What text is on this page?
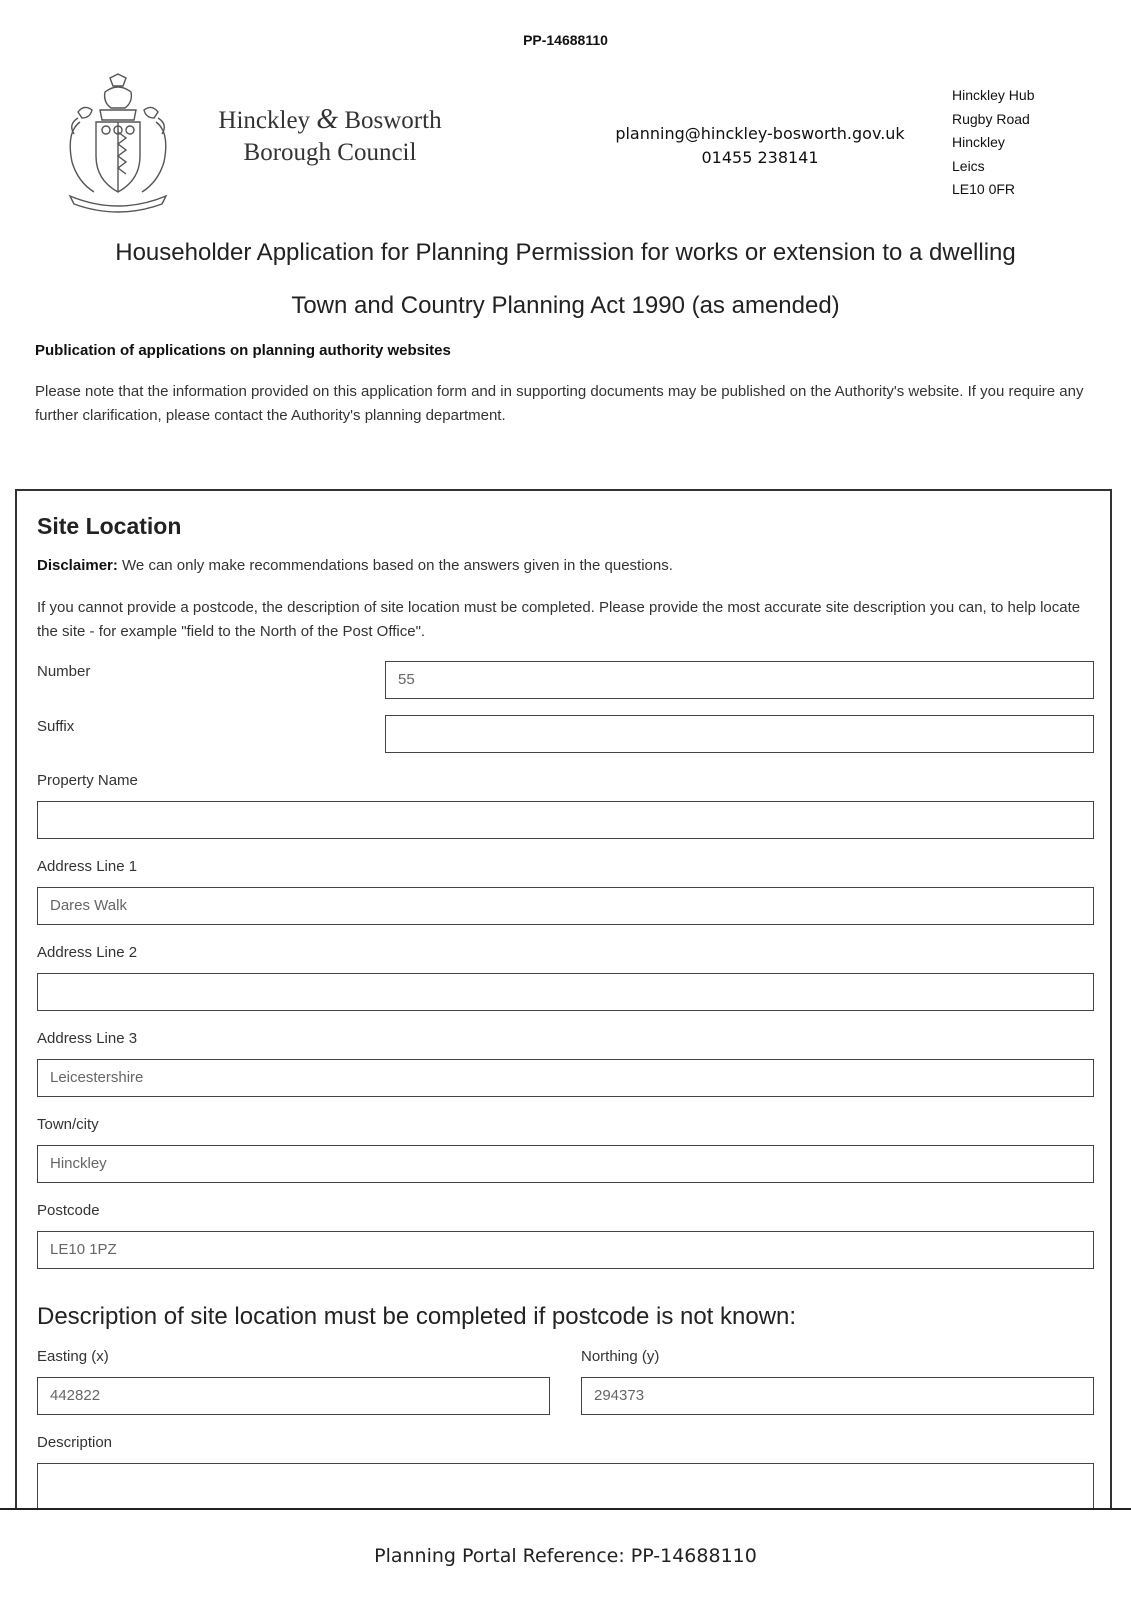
PP-14688110
Hinckley & Bosworth
Borough Council
planning@hinckley-bosworth.gov.uk
01455 238141
Hinckley Hub
Rugby Road
Hinckley
Leics
LE10 0FR
Householder Application for Planning Permission for works or extension to a dwelling
Town and Country Planning Act 1990 (as amended)
Publication of applications on planning authority websites
Please note that the information provided on this application form and in supporting documents may be published on the Authority's website. If you require any further clarification, please contact the Authority's planning department.
Site Location
Disclaimer: We can only make recommendations based on the answers given in the questions.
If you cannot provide a postcode, the description of site location must be completed. Please provide the most accurate site description you can, to help locate the site - for example "field to the North of the Post Office".
Number	55
Suffix
Property Name
Address Line 1
Dares Walk
Address Line 2
Address Line 3
Leicestershire
Town/city
Hinckley
Postcode
LE10 1PZ
Description of site location must be completed if postcode is not known:
Easting (x)
442822
Northing (y)
294373
Description
Planning Portal Reference: PP-14688110
